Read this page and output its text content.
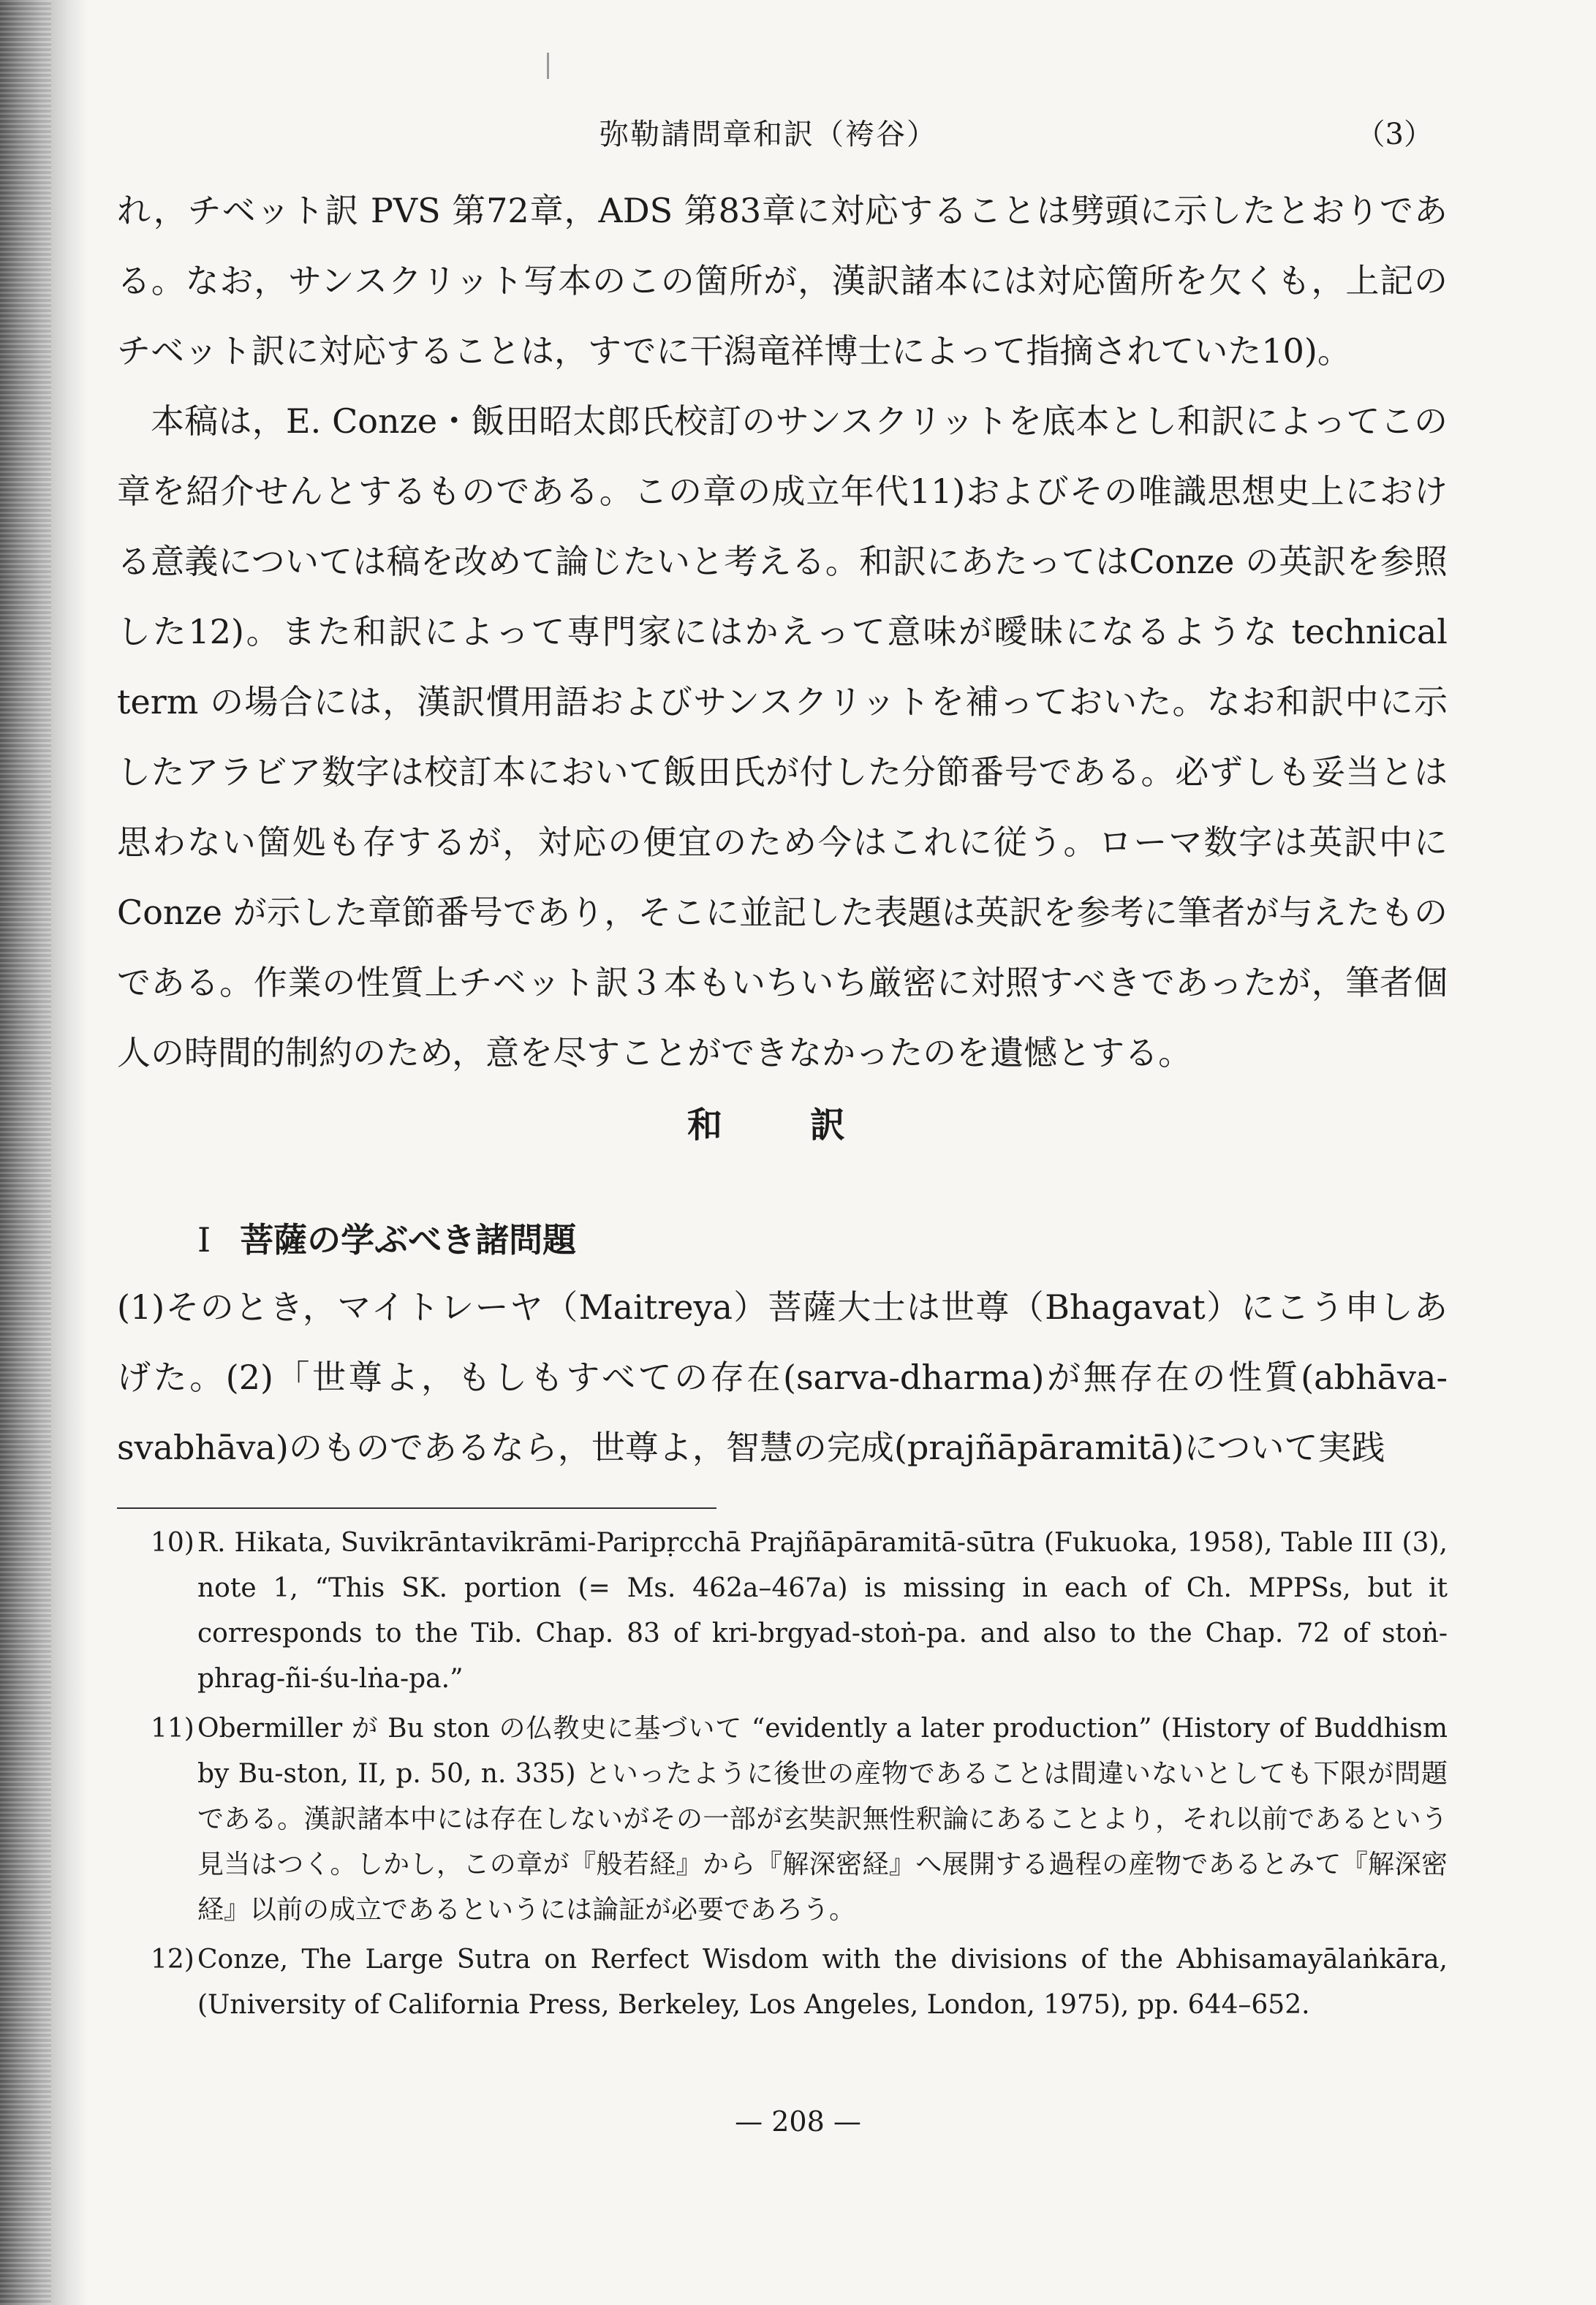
弥勒請問章和訳（袴谷）	（3）

れ，チベット訳 PVS 第72章，ADS 第83章に対応することは劈頭に示したとおりである。なお，サンスクリット写本のこの箇所が，漢訳諸本には対応箇所を欠くも，上記のチベット訳に対応することは，すでに干潟竜祥博士によって指摘されていた10)。

本稿は，E. Conze・飯田昭太郎氏校訂のサンスクリットを底本とし和訳によってこの章を紹介せんとするものである。この章の成立年代11)およびその唯識思想史上における意義については稿を改めて論じたいと考える。和訳にあたってはConze の英訳を参照した12)。また和訳によって専門家にはかえって意味が曖昧になるような technical term の場合には，漢訳慣用語およびサンスクリットを補っておいた。なお和訳中に示したアラビア数字は校訂本において飯田氏が付した分節番号である。必ずしも妥当とは思わない箇処も存するが，対応の便宜のため今はこれに従う。ローマ数字は英訳中に Conze が示した章節番号であり，そこに並記した表題は英訳を参考に筆者が与えたものである。作業の性質上チベット訳３本もいちいち厳密に対照すべきであったが，筆者個人の時間的制約のため，意を尽すことができなかったのを遺憾とする。

和訳
I 菩薩の学ぶべき諸問題

(1)そのとき，マイトレーヤ（Maitreya）菩薩大士は世尊（Bhagavat）にこう申しあげた。(2)「世尊よ，もしもすべての存在(sarva-dharma)が無存在の性質(abhāva-svabhāva)のものであるなら，世尊よ，智慧の完成(prajñāpāramitā)について実践

10) R. Hikata, Suvikrāntavikrāmi-Paripṛcchā Prajñāpāramitā-sūtra (Fukuoka, 1958), Table III (3), note 1, “This SK. portion (= Ms. 462a–467a) is missing in each of Ch. MPPSs, but it corresponds to the Tib. Chap. 83 of kri-brgyad-stoṅ-pa. and also to the Chap. 72 of stoṅ-phrag-ñi-śu-lṅa-pa.”
11) Obermiller が Bu ston の仏教史に基づいて “evidently a later production” (History of Buddhism by Bu-ston, II, p. 50, n. 335) といったように後世の産物であることは間違いないとしても下限が問題である。漢訳諸本中には存在しないがその一部が玄奘訳無性釈論にあることより，それ以前であるという見当はつく。しかし，この章が『般若経』から『解深密経』へ展開する過程の産物であるとみて『解深密経』以前の成立であるというには論証が必要であろう。
12) Conze, The Large Sutra on Rerfect Wisdom with the divisions of the Abhisamayālaṅkāra, (University of California Press, Berkeley, Los Angeles, London, 1975), pp. 644–652.
— 208 —
